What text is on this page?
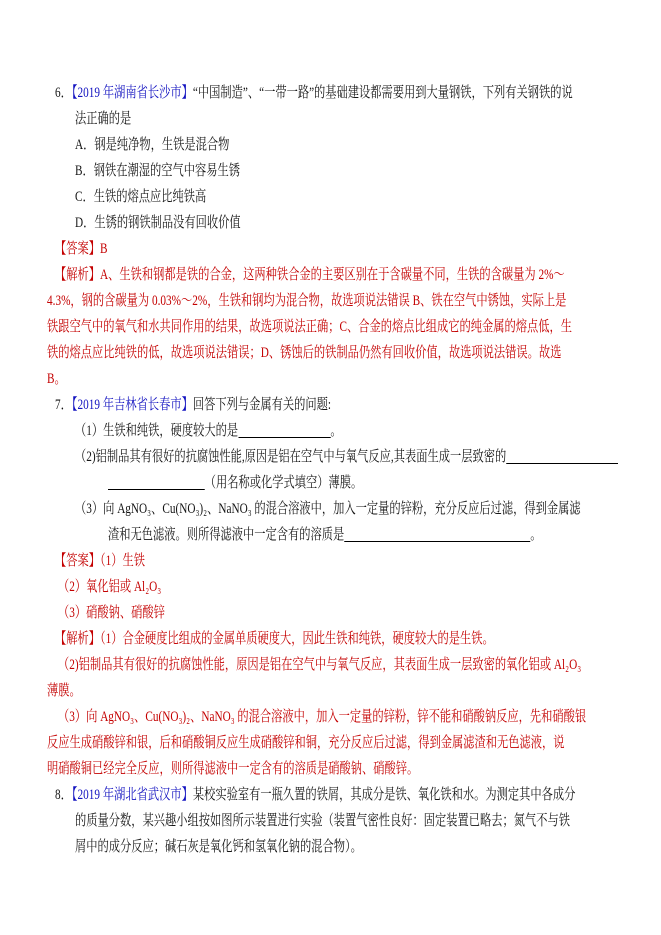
6．【2019 年湖南省长沙市】“中国制造”、“一带一路”的基础建设都需要用到大量钢铁，下列有关钢铁的说
法正确的是
A．钢是纯净物，生铁是混合物
B．钢铁在潮湿的空气中容易生锈
C．生铁的熔点应比纯铁高
D．生锈的钢铁制品没有回收价值
【答案】B
【解析】A、生铁和钢都是铁的合金，这两种铁合金的主要区别在于含碳量不同，生铁的含碳量为 2%～
4.3%，钢的含碳量为 0.03%～2%，生铁和钢均为混合物，故选项说法错误 B、铁在空气中锈蚀，实际上是
铁跟空气中的氧气和水共同作用的结果，故选项说法正确；C、合金的熔点比组成它的纯金属的熔点低，生
铁的熔点应比纯铁的低，故选项说法错误；D、锈蚀后的铁制品仍然有回收价值，故选项说法错误。故选
B。
7．【2019 年吉林省长春市】回答下列与金属有关的问题:
（1）生铁和纯铁，硬度较大的是	。
（2)铝制品其有很好的抗腐蚀性能,原因是铝在空气中与氧气反应,其表面生成一层致密的
（用名称或化学式填空）薄膜。
（3）向 AgNO₃、Cu(NO₃)₂、NaNO₃ 的混合溶液中，加入一定量的锌粉，充分反应后过滤，得到金属滤
渣和无色滤液。则所得滤液中一定含有的溶质是	。
【答案】（1）生铁
（2）氧化铝或 Al₂O₃
（3）硝酸钠、硝酸锌
【解析】（1）合金硬度比组成的金属单质硬度大，因此生铁和纯铁，硬度较大的是生铁。
（2)铝制品其有很好的抗腐蚀性能，原因是铝在空气中与氧气反应，其表面生成一层致密的氧化铝或 Al₂O₃
薄膜。
（3）向 AgNO₃、Cu(NO₃)₂、NaNO₃ 的混合溶液中，加入一定量的锌粉，锌不能和硝酸钠反应，先和硝酸银
反应生成硝酸锌和银，后和硝酸铜反应生成硝酸锌和铜，充分反应后过滤，得到金属滤渣和无色滤液，说
明硝酸铜已经完全反应，则所得滤液中一定含有的溶质是硝酸钠、硝酸锌。
8．【2019 年湖北省武汉市】某校实验室有一瓶久置的铁屑，其成分是铁、氧化铁和水。为测定其中各成分
的质量分数，某兴趣小组按如图所示装置进行实验（装置气密性良好：固定装置已略去；氮气不与铁
屑中的成分反应；碱石灰是氧化钙和氢氧化钠的混合物）。
